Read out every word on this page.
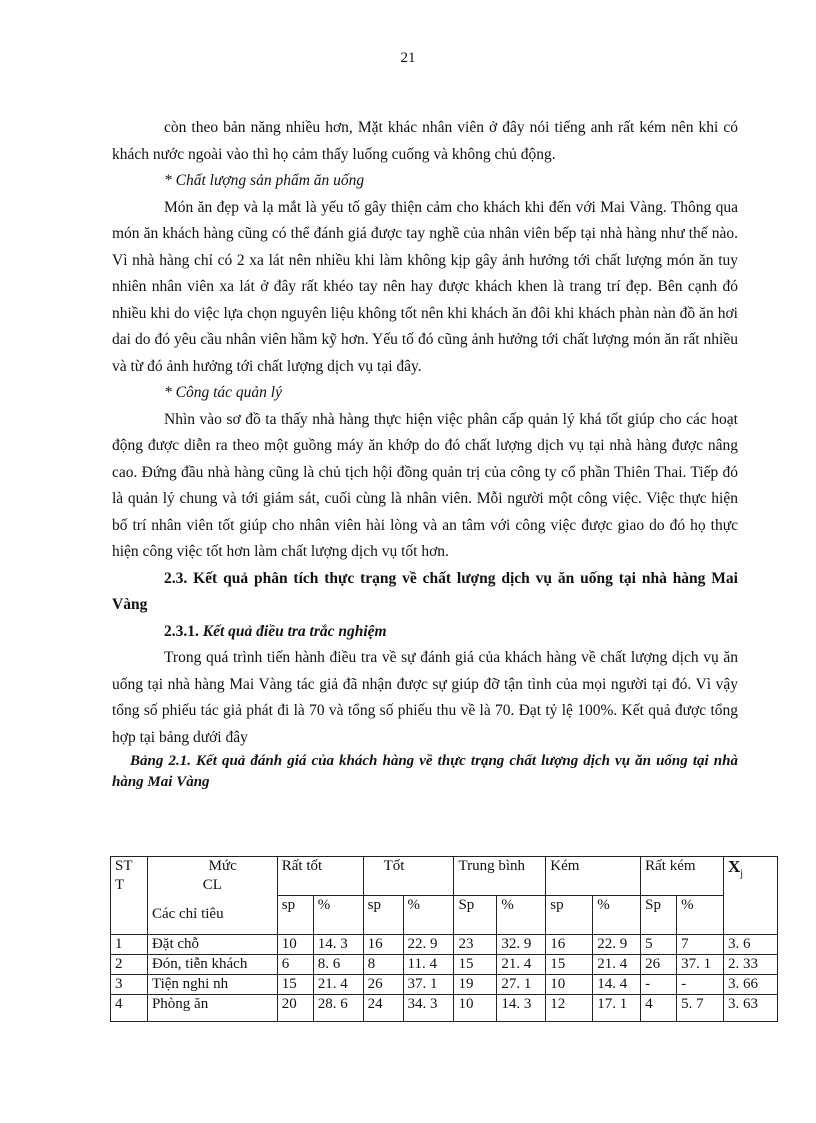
21

còn theo bản năng nhiều hơn, Mặt khác nhân viên ở đây nói tiếng anh rất kém nên khi có khách nước ngoài vào thì họ cảm thấy luống cuống và không chủ động.

* Chất lượng sản phẩm ăn uống

Món ăn đẹp và lạ mắt là yếu tố gây thiện cảm cho khách khi đến với Mai Vàng. Thông qua món ăn khách hàng cũng có thể đánh giá được tay nghề của nhân viên bếp tại nhà hàng như thế nào. Vì nhà hàng chỉ có 2 xa lát nên nhiều khi làm không kịp gây ảnh hưởng tới chất lượng món ăn tuy nhiên nhân viên xa lát ở đây rất khéo tay nên hay được khách khen là trang trí đẹp. Bên cạnh đó nhiều khi do việc lựa chọn nguyên liệu không tốt nên khi khách ăn đôi khi khách phàn nàn đồ ăn hơi dai do đó yêu cầu nhân viên hầm kỹ hơn. Yếu tố đó cũng ảnh hưởng tới chất lượng món ăn rất nhiều và từ đó ảnh hưởng tới chất lượng dịch vụ tại đây.

* Công tác quản lý

Nhìn vào sơ đồ ta thấy nhà hàng thực hiện việc phân cấp quản lý khá tốt giúp cho các hoạt động được diễn ra theo một guồng máy ăn khớp do đó chất lượng dịch vụ tại nhà hàng được nâng cao. Đứng đầu nhà hàng cũng là chủ tịch hội đồng quản trị của công ty cổ phần Thiên Thai. Tiếp đó là quản lý chung và tới giám sát, cuối cùng là nhân viên. Mỗi người một công việc. Việc thực hiện bố trí nhân viên tốt giúp cho nhân viên hài lòng và an tâm với công việc được giao do đó họ thực hiện công việc tốt hơn làm chất lượng dịch vụ tốt hơn.

2.3. Kết quả phân tích thực trạng về chất lượng dịch vụ ăn uống tại nhà hàng Mai Vàng

2.3.1. Kết quả điều tra trắc nghiệm

Trong quá trình tiến hành điều tra về sự đánh giá của khách hàng về chất lượng dịch vụ ăn uống tại nhà hàng Mai Vàng tác giả đã nhận được sự giúp đỡ tận tình của mọi người tại đó. Vì vậy tổng số phiếu tác giả phát đi là 70 và tổng số phiếu thu về là 70. Đạt tỷ lệ 100%. Kết quả được tổng hợp tại bảng dưới đây

Bảng 2.1. Kết quả đánh giá của khách hàng về thực trạng chất lượng dịch vụ ăn uống tại nhà hàng Mai Vàng

ST T	Mức
CL
Các chỉ tiêu	Rất tốt		Tốt		Trung bình		Kém		Rất kém		$\overline{X}_j$
		sp	%	sp	%	Sp	%	sp	%	Sp	%	
1	Đặt chỗ	10	14. 3	16	22. 9	23	32. 9	16	22. 9	5	7	3. 6
2	Đón, tiễn khách	6	8. 6	8	11. 4	15	21. 4	15	21. 4	26	37. 1	2. 33
3	Tiện nghi nh	15	21. 4	26	37. 1	19	27. 1	10	14. 4	-	-	3. 66
4	Phòng ăn	20	28. 6	24	34. 3	10	14. 3	12	17. 1	4	5. 7	3. 63
